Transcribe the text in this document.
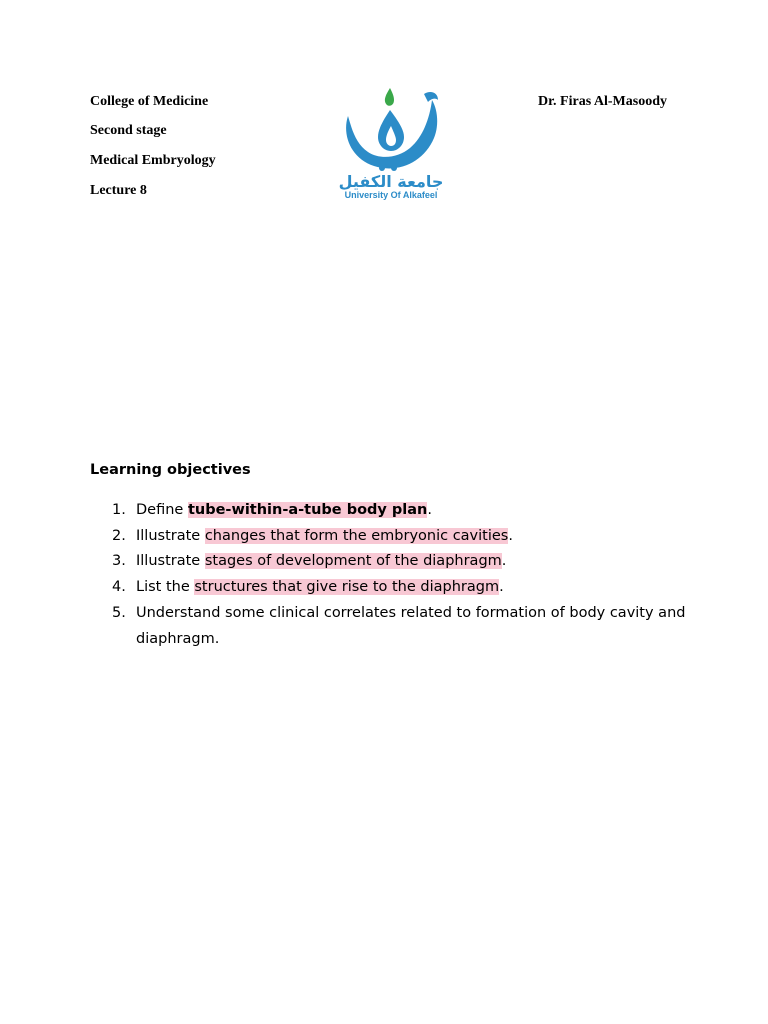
College of Medicine
Second stage
Medical Embryology
Lecture 8
Dr. Firas Al-Masoody
جامعة الكفيل
University Of Alkafeel
Learning objectives
1. Define tube-within-a-tube body plan.
2. Illustrate changes that form the embryonic cavities.
3. Illustrate stages of development of the diaphragm.
4. List the structures that give rise to the diaphragm.
5. Understand some clinical correlates related to formation of body cavity and diaphragm.
